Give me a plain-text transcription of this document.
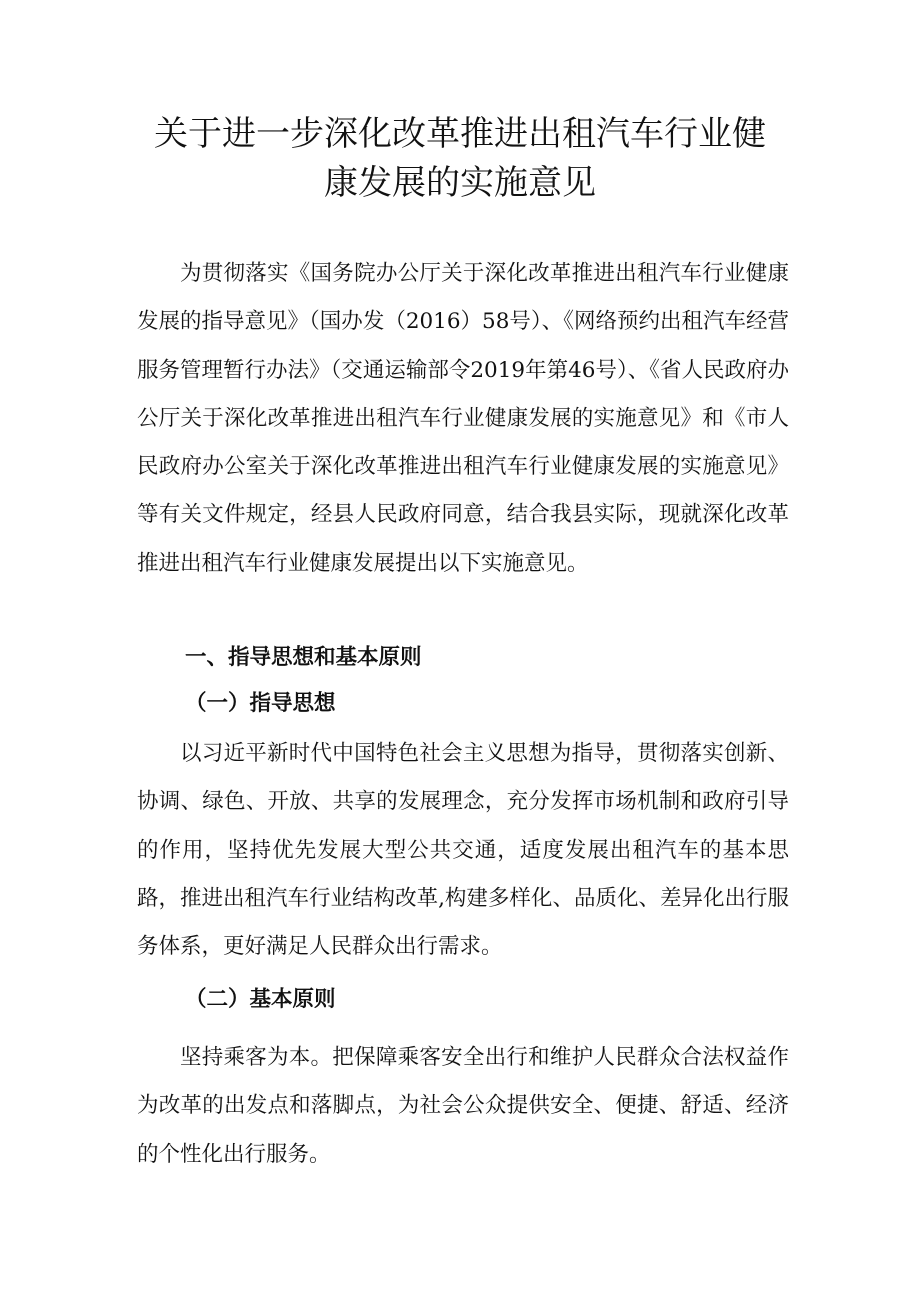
关于进一步深化改革推进出租汽车行业健
康发展的实施意见

为贯彻落实《国务院办公厅关于深化改革推进出租汽车行业健康发展的指导意见》（国办发（2016）58号）、《网络预约出租汽车经营服务管理暂行办法》（交通运输部令2019年第46号）、《省人民政府办公厅关于深化改革推进出租汽车行业健康发展的实施意见》和《市人民政府办公室关于深化改革推进出租汽车行业健康发展的实施意见》等有关文件规定，经县人民政府同意，结合我县实际，现就深化改革推进出租汽车行业健康发展提出以下实施意见。

一、指导思想和基本原则
（一）指导思想

以习近平新时代中国特色社会主义思想为指导，贯彻落实创新、协调、绿色、开放、共享的发展理念，充分发挥市场机制和政府引导的作用，坚持优先发展大型公共交通，适度发展出租汽车的基本思路，推进出租汽车行业结构改革,构建多样化、品质化、差异化出行服务体系，更好满足人民群众出行需求。

（二）基本原则

坚持乘客为本。把保障乘客安全出行和维护人民群众合法权益作为改革的出发点和落脚点，为社会公众提供安全、便捷、舒适、经济的个性化出行服务。
